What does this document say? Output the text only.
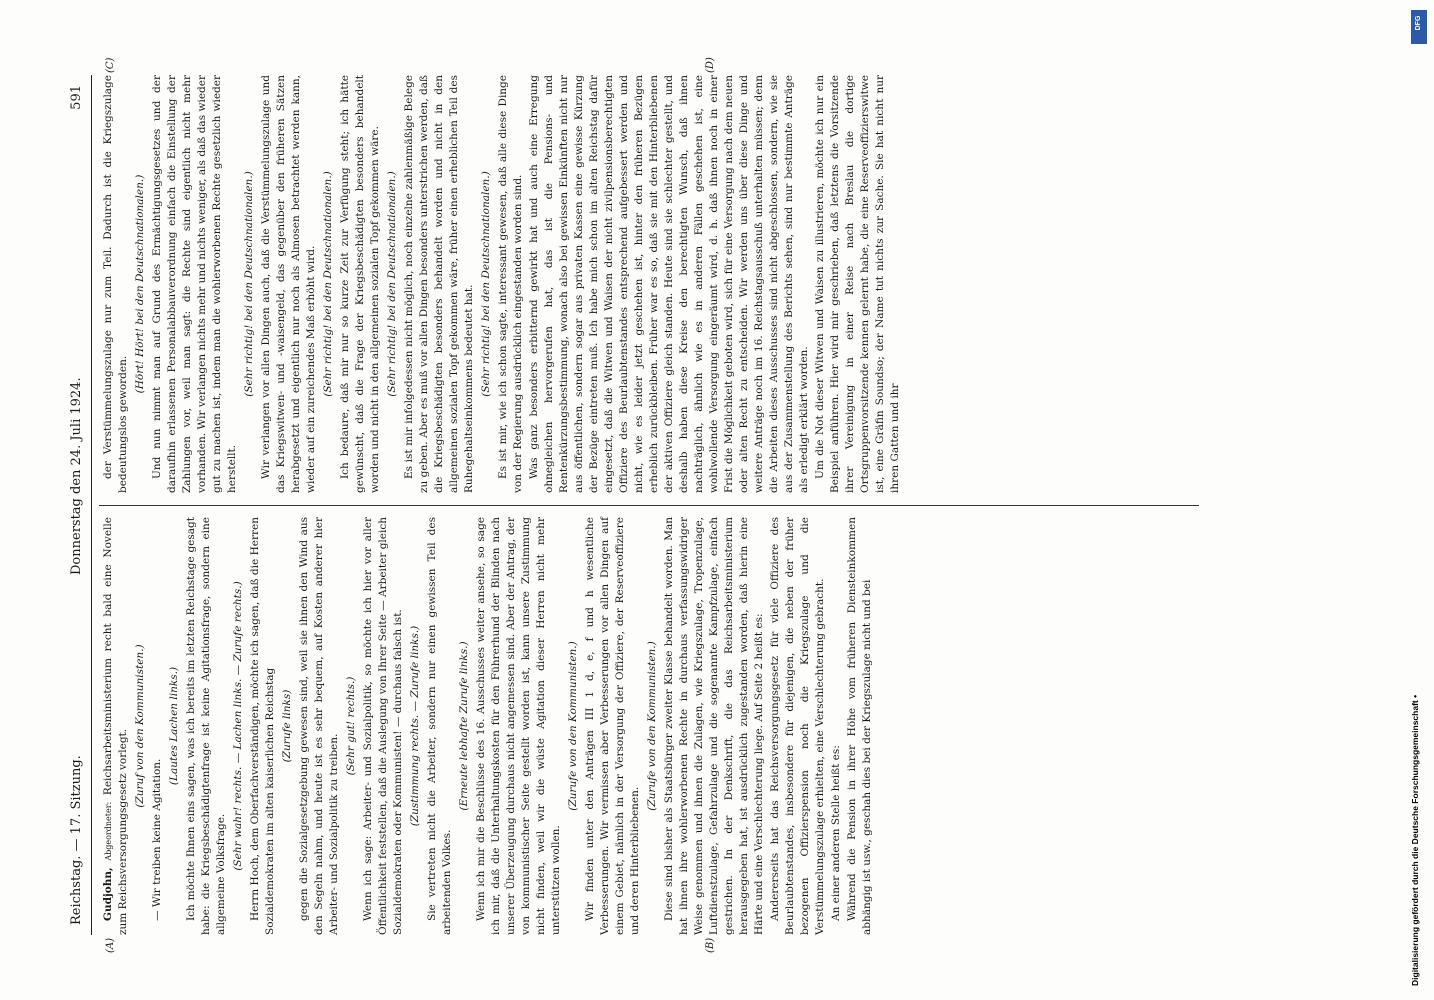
Reichstag. — 17. Sitzung.
Donnerstag den 24. Juli 1924.
591
(A)	(B)
(C)	(D)

Gudjohn, Abgeordneter: Reichsarbeitsministerium recht bald eine Novelle zum Reichsversorgungsgesetz vorlegt.

(Zuruf von den Kommunisten.)

— Wir treiben keine Agitation.

(Lautes Lachen links.) Ich möchte Ihnen eins sagen, was ich bereits im letzten Reichstage gesagt habe: die Kriegsbeschädigtenfrage ist keine Agitationsfrage, sondern eine allgemeine Volksfrage.

(Sehr wahr! rechts. — Lachen links. — Zurufe rechts.) Herrn Hoch, dem Oberfachverständigen, möchte ich sagen, daß die Herren Sozialdemokraten im alten kaiserlichen Reichstag (Zurufe links) gegen die Sozialgesetzgebung gewesen sind, weil sie ihnen den Wind aus den Segeln nahm, und heute ist es sehr bequem, auf Kosten anderer hier Arbeiter- und Sozialpolitik zu treiben.

(Sehr gut! rechts.) Wenn ich sage: Arbeiter- und Sozialpolitik, so möchte ich hier vor aller Öffentlichkeit feststellen, daß die Auslegung von Ihrer Seite — Arbeiter gleich Sozialdemokraten oder Kommunisten! — durchaus falsch ist. (Zustimmung rechts. — Zurufe links.) Sie vertreten nicht die Arbeiter, sondern nur einen gewissen Teil des arbeitenden Volkes.

(Erneute lebhafte Zurufe links.) Wenn ich mir die Beschlüsse des 16. Ausschusses weiter ansehe, so sage ich mir, daß die Unterhaltungskosten für den Führerhund der Blinden nach unserer Überzeugung durchaus nicht angemessen sind. Aber der Antrag, der von kommunistischer Seite gestellt worden ist, kann unsere Zustimmung nicht finden, weil wir die wüste Agitation dieser Herren nicht mehr unterstützen wollen.

(Zurufe von den Kommunisten.) Wir finden unter den Anträgen III 1 d, e, f und h wesentliche Verbesserungen. Wir vermissen aber Verbesserungen vor allen Dingen auf einem Gebiet, nämlich in der Versorgung der Offiziere, der Reserveoffiziere und deren Hinterbliebenen.

(Zurufe von den Kommunisten.) Diese sind bisher als Staatsbürger zweiter Klasse behandelt worden. Man hat ihnen ihre wohlerworbenen Rechte in durchaus verfassungswidriger Weise genommen und ihnen die Zulagen, wie Kriegszulage, Tropenzulage, Luftdienstzulage, Gefahrzulage und die sogenannte Kampfzulage, einfach gestrichen. In der Denkschrift, die das Reichsarbeitsministerium herausgegeben hat, ist ausdrücklich zugestanden worden, daß hierin eine Härte und eine Verschlechterung liege. Auf Seite 2 heißt es: Andererseits hat das Reichsversorgungsgesetz für viele Offiziere des Beurlaubtenstandes, insbesondere für diejenigen, die neben der früher bezogenen Offizierspension noch die Kriegszulage und die Verstümmelungszulage erhielten, eine Verschlechterung gebracht. An einer anderen Stelle heißt es: Während die Pension in ihrer Höhe vom früheren Diensteinkommen abhängig ist usw., geschah dies bei der Kriegszulage nicht und bei

der Verstümmelungszulage nur zum Teil. Dadurch ist die Kriegszulage bedeutungslos geworden.

(Hört! Hört! bei den Deutschnationalen.) Und nun nimmt man auf Grund des Ermächtigungsgesetzes und der daraufhin erlassenen Personalabbauverordnung einfach die Einstellung der Zahlungen vor, weil man sagt: die Rechte sind eigentlich nicht mehr vorhanden. Wir verlangen nichts mehr und nichts weniger, als daß das wieder gut zu machen ist, indem man die wohlerworbenen Rechte gesetzlich wieder herstellt.

(Sehr richtig! bei den Deutschnationalen.) Wir verlangen vor allen Dingen auch, daß die Verstümmelungszulage und das Kriegswitwen- und -waisengeld, das gegenüber den früheren Sätzen herabgesetzt und eigentlich nur noch als Almosen betrachtet werden kann, wieder auf ein zureichendes Maß erhöht wird. (Sehr richtig! bei den Deutschnationalen.) Ich bedaure, daß mir nur so kurze Zeit zur Verfügung steht; ich hätte gewünscht, daß die Frage der Kriegsbeschädigten besonders behandelt worden und nicht in den allgemeinen sozialen Topf gekommen wäre. (Sehr richtig! bei den Deutschnationalen.) Es ist mir infolgedessen nicht möglich, noch einzelne zahlenmäßige Belege zu geben. Aber es muß vor allen Dingen besonders unterstrichen werden, daß die Kriegsbeschädigten besonders behandelt worden und nicht in den allgemeinen sozialen Topf gekommen wäre, früher einen erheblichen Teil des Ruhegehaltseinkommens bedeutet hat. (Sehr richtig! bei den Deutschnationalen.) Es ist mir, wie ich schon sagte, interessant gewesen, daß alle diese Dinge von der Regierung ausdrücklich eingestanden worden sind. Was ganz besonders erbitternd gewirkt hat und auch eine Erregung ohnegleichen hervorgerufen hat, das ist die Pensions- und Rentenkürzungsbestimmung, wonach also bei gewissen Einkünften nicht nur aus öffentlichen, sondern sogar aus privaten Kassen eine gewisse Kürzung der Bezüge eintreten muß. Ich habe mich schon im alten Reichstag dafür eingesetzt, daß die Witwen und Waisen der nicht zivilpensionsberechtigten Offiziere des Beurlaubtenstandes entsprechend aufgebessert werden und nicht, wie es leider jetzt geschehen ist, hinter den früheren Bezügen erheblich zurückbleiben. Früher war es so, daß sie mit den Hinterbliebenen der aktiven Offiziere gleich standen. Heute sind sie schlechter gestellt, und deshalb haben diese Kreise den berechtigten Wunsch, daß ihnen nachträglich, ähnlich wie es in anderen Fällen geschehen ist, eine wohlwollende Versorgung eingeräumt wird, d. h. daß ihnen noch in einer Frist die Möglichkeit geboten wird, sich für eine Versorgung nach dem neuen oder alten Recht zu entscheiden. Wir werden uns über diese Dinge und weitere Anträge noch im 16. Reichstagsausschuß unterhalten müssen; denn die Arbeiten dieses Ausschusses sind nicht abgeschlossen, sondern, wie sie aus der Zusammenstellung des Berichts sehen, sind nur bestimmte Anträge als erledigt erklärt worden. Um die Not dieser Witwen und Waisen zu illustrieren, möchte ich nur ein Beispiel anführen. Hier wird mir geschrieben, daß letztens die Vorsitzende ihrer Vereinigung in einer Reise nach Breslau die dortige Ortsgruppenvorsitzende kennen gelernt habe, die eine Reserveoffizierswitwe ist, eine Gräfin Soundso; der Name tut nichts zur Sache. Sie hat nicht nur ihren Gatten und ihr

DFG
Digitalisierung gefördert durch die Deutsche Forschungsgemeinschaft •
